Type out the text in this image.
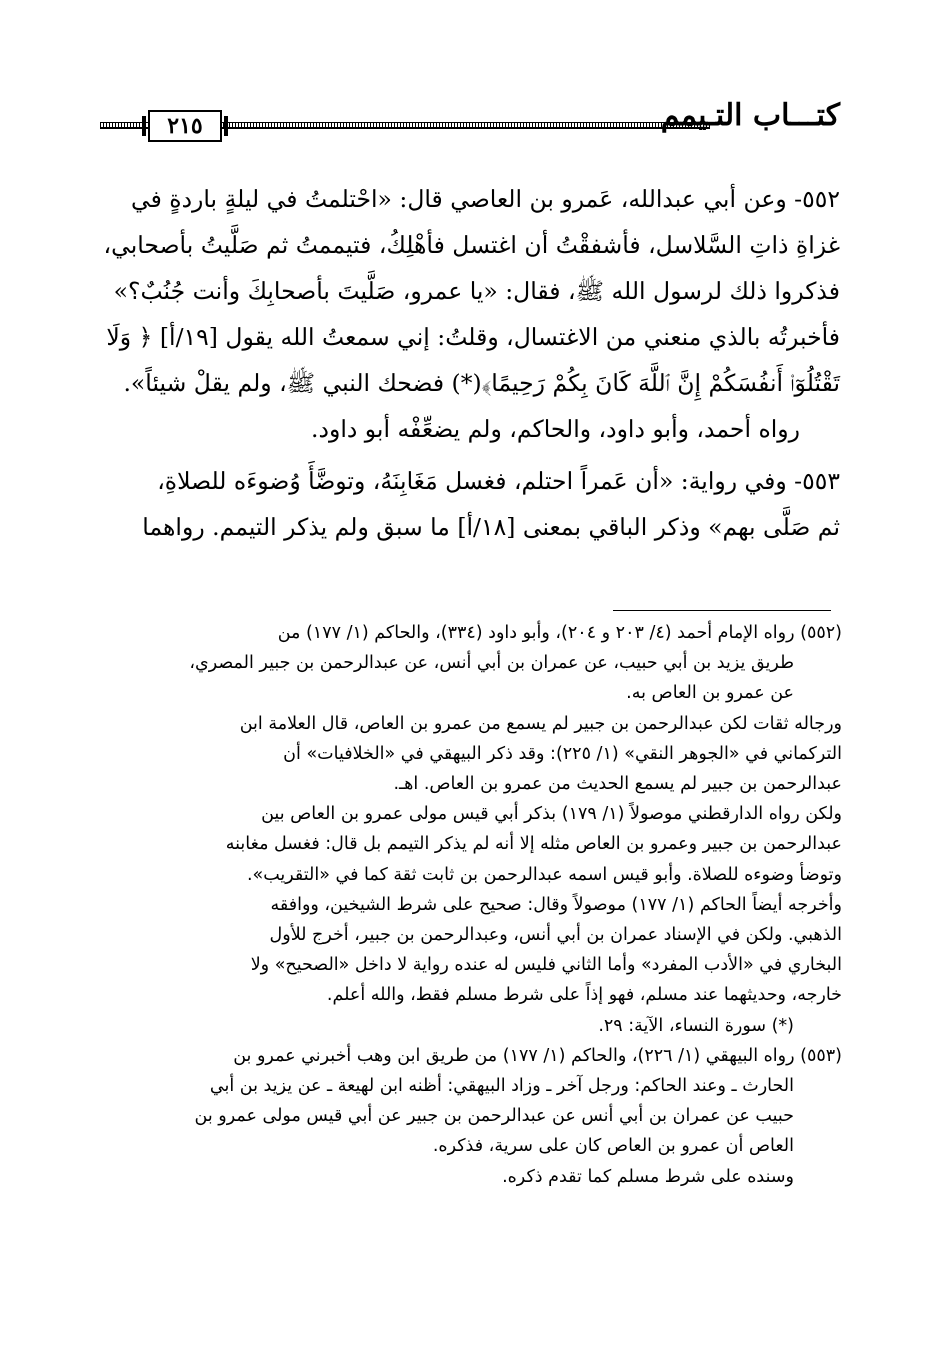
كتـــاب التـيمم
٢١٥

٥٥٢- وعن أبي عبدالله، عَمرو بن العاصي قال: «احْتلمتُ في ليلةٍ باردةٍ في
غزاةِ ذاتِ السَّلاسل، فأشفقْتُ أن اغتسل فأهْلِكُ، فتيممتُ ثم صَلَّيتُ بأصحابي،
فذكروا ذلك لرسول الله ﷺ، فقال: «يا عمرو، صَلَّيتَ بأصحابِكَ وأنت جُنُبٌ؟»
فأخبرتُه بالذي منعني من الاغتسال، وقلتُ: إني سمعتُ الله يقول [١٩/أ] ﴿ وَلَا
تَقْتُلُوٓا۟ أَنفُسَكُمْ إِنَّ ٱللَّهَ كَانَ بِكُمْ رَحِيمًا﴾(*) فضحك النبي ﷺ، ولم يقلْ شيئاً».

رواه أحمد، وأبو داود، والحاكم، ولم يضعِّفْه أبو داود.

٥٥٣- وفي رواية: «أن عَمراً احتلم، فغسل مَغَابِنَهُ، وتوضَّأَ وُضوءَه للصلاةِ،
ثم صَلَّى بهم» وذكر الباقي بمعنى [١٨/أ] ما سبق ولم يذكر التيمم. رواهما

(٥٥٢) رواه الإمام أحمد (٤/ ٢٠٣ و ٢٠٤)، وأبو داود (٣٣٤)، والحاكم (١/ ١٧٧) من
طريق يزيد بن أبي حبيب، عن عمران بن أبي أنس، عن عبدالرحمن بن جبير المصري،
عن عمرو بن العاص به.

ورجاله ثقات لكن عبدالرحمن بن جبير لم يسمع من عمرو بن العاص، قال العلامة ابن
التركماني في «الجوهر النقي» (١/ ٢٢٥): وقد ذكر البيهقي في «الخلافيات» أن
عبدالرحمن بن جبير لم يسمع الحديث من عمرو بن العاص. اهـ.

ولكن رواه الدارقطني موصولاً (١/ ١٧٩) بذكر أبي قيس مولى عمرو بن العاص بين
عبدالرحمن بن جبير وعمرو بن العاص مثله إلا أنه لم يذكر التيمم بل قال: فغسل مغابنه
وتوضأ وضوءه للصلاة. وأبو قيس اسمه عبدالرحمن بن ثابت ثقة كما في «التقريب».

وأخرجه أيضاً الحاكم (١/ ١٧٧) موصولاً وقال: صحيح على شرط الشيخين، ووافقه
الذهبي. ولكن في الإسناد عمران بن أبي أنس، وعبدالرحمن بن جبير، أخرج للأول
البخاري في «الأدب المفرد» وأما الثاني فليس له عنده رواية لا داخل «الصحيح» ولا
خارجه، وحديثهما عند مسلم، فهو إذاً على شرط مسلم فقط، والله أعلم.

(*) سورة النساء، الآية: ٢٩.

(٥٥٣) رواه البيهقي (١/ ٢٢٦)، والحاكم (١/ ١٧٧) من طريق ابن وهب أخبرني عمرو بن
الحارث ـ وعند الحاكم: ورجل آخر ـ وزاد البيهقي: أظنه ابن لهيعة ـ عن يزيد بن أبي
حبيب عن عمران بن أبي أنس عن عبدالرحمن بن جبير عن أبي قيس مولى عمرو بن
العاص أن عمرو بن العاص كان على سرية، فذكره.

وسنده على شرط مسلم كما تقدم ذكره.
